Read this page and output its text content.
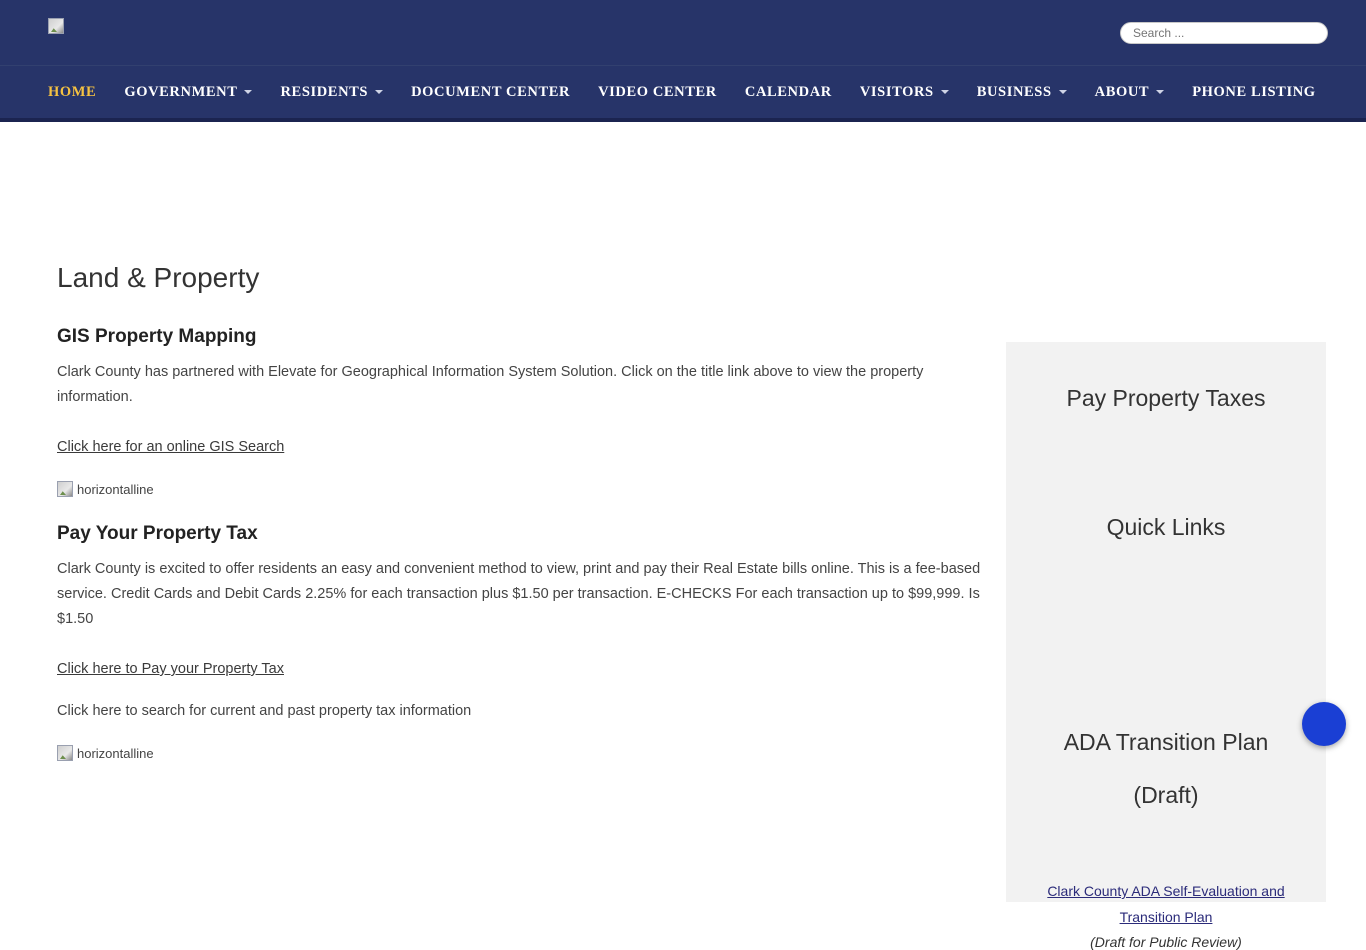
Search ...
HOME GOVERNMENT	RESIDENTS	DOCUMENT CENTER VIDEO CENTER CALENDAR VISITORS	BUSINESS	ABOUT	PHONE LISTING
Land & Property
GIS Property Mapping

Clark County has partnered with Elevate for Geographical Information System Solution. Click on the title link above to view the property information.

Click here for an online GIS Search
horizontalline
Pay Your Property Tax

Clark County is excited to offer residents an easy and convenient method to view, print and pay their Real Estate bills online. This is a fee-based service. Credit Cards and Debit Cards 2.25% for each transaction plus $1.50 per transaction. E-CHECKS For each transaction up to $99,999. Is $1.50

Click here to Pay your Property Tax

Click here to search for current and past property tax information

horizontalline
Pay Property Taxes
Quick Links
ADA Transition Plan
(Draft)
Clark County ADA Self-Evaluation and Transition Plan
(Draft for Public Review)
